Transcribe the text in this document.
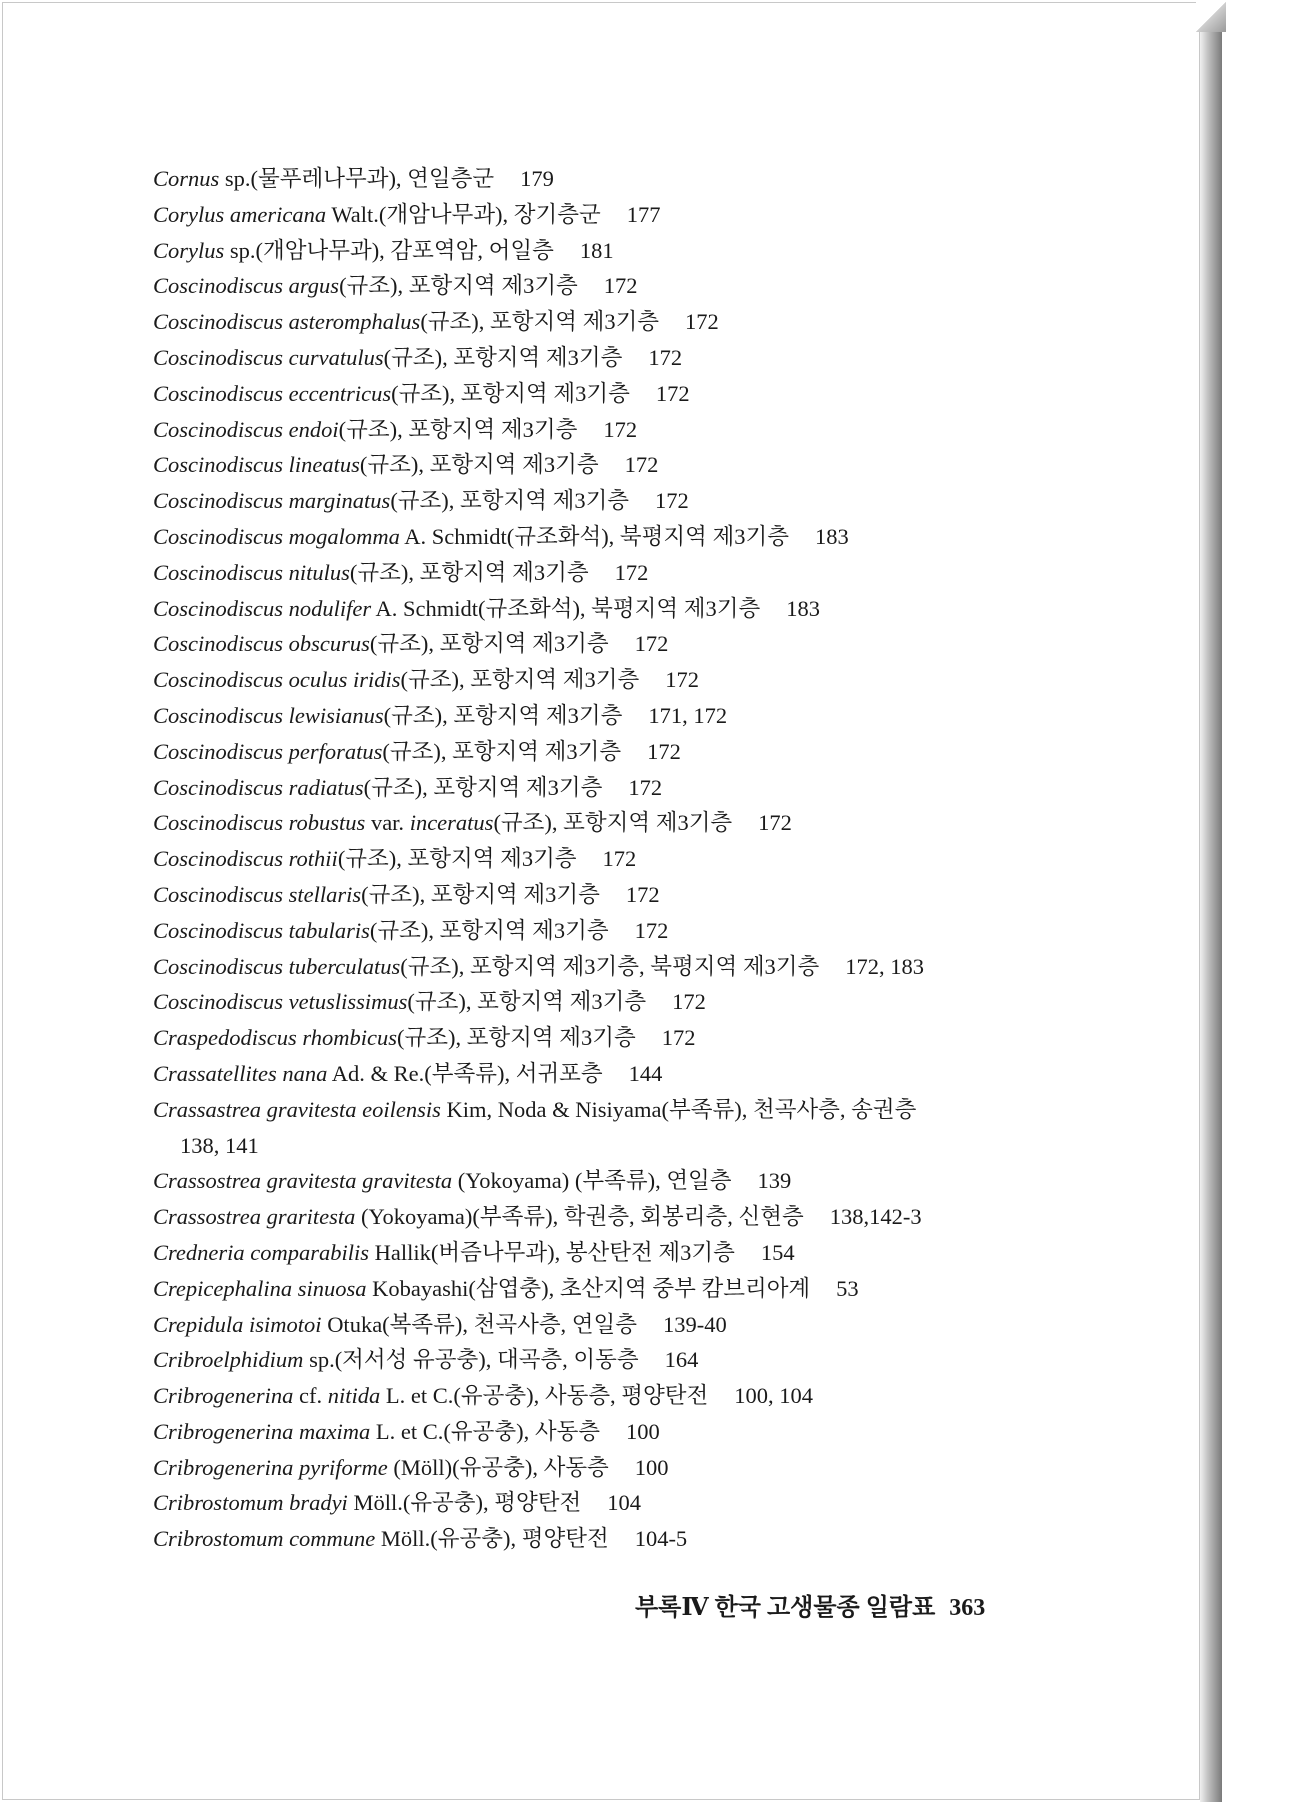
Cornus sp.(물푸레나무과), 연일층군 179
Corylus americana Walt.(개암나무과), 장기층군 177
Corylus sp.(개암나무과), 감포역암, 어일층 181
Coscinodiscus argus(규조), 포항지역 제3기층 172
Coscinodiscus asteromphalus(규조), 포항지역 제3기층 172
Coscinodiscus curvatulus(규조), 포항지역 제3기층 172
Coscinodiscus eccentricus(규조), 포항지역 제3기층 172
Coscinodiscus endoi(규조), 포항지역 제3기층 172
Coscinodiscus lineatus(규조), 포항지역 제3기층 172
Coscinodiscus marginatus(규조), 포항지역 제3기층 172
Coscinodiscus mogalomma A. Schmidt(규조화석), 북평지역 제3기층 183
Coscinodiscus nitulus(규조), 포항지역 제3기층 172
Coscinodiscus nodulifer A. Schmidt(규조화석), 북평지역 제3기층 183
Coscinodiscus obscurus(규조), 포항지역 제3기층 172
Coscinodiscus oculus iridis(규조), 포항지역 제3기층 172
Coscinodiscus lewisianus(규조), 포항지역 제3기층 171, 172
Coscinodiscus perforatus(규조), 포항지역 제3기층 172
Coscinodiscus radiatus(규조), 포항지역 제3기층 172
Coscinodiscus robustus var. inceratus(규조), 포항지역 제3기층 172
Coscinodiscus rothii(규조), 포항지역 제3기층 172
Coscinodiscus stellaris(규조), 포항지역 제3기층 172
Coscinodiscus tabularis(규조), 포항지역 제3기층 172
Coscinodiscus tuberculatus(규조), 포항지역 제3기층, 북평지역 제3기층 172, 183
Coscinodiscus vetuslissimus(규조), 포항지역 제3기층 172
Craspedodiscus rhombicus(규조), 포항지역 제3기층 172
Crassatellites nana Ad. & Re.(부족류), 서귀포층 144
Crassastrea gravitesta eoilensis Kim, Noda & Nisiyama(부족류), 천곡사층, 송권층
138, 141
Crassostrea gravitesta gravitesta (Yokoyama) (부족류), 연일층 139
Crassostrea graritesta (Yokoyama)(부족류), 학권층, 회봉리층, 신현층 138,142-3
Credneria comparabilis Hallik(버즘나무과), 봉산탄전 제3기층 154
Crepicephalina sinuosa Kobayashi(삼엽충), 초산지역 중부 캄브리아계 53
Crepidula isimotoi Otuka(복족류), 천곡사층, 연일층 139-40
Cribroelphidium sp.(저서성 유공충), 대곡층, 이동층 164
Cribrogenerina cf. nitida L. et C.(유공충), 사동층, 평양탄전 100, 104
Cribrogenerina maxima L. et C.(유공충), 사동층 100
Cribrogenerina pyriforme (Möll)(유공충), 사동층 100
Cribrostomum bradyi Möll.(유공충), 평양탄전 104
Cribrostomum commune Möll.(유공충), 평양탄전 104-5
부록Ⅳ 한국 고생물종 일람표 363
